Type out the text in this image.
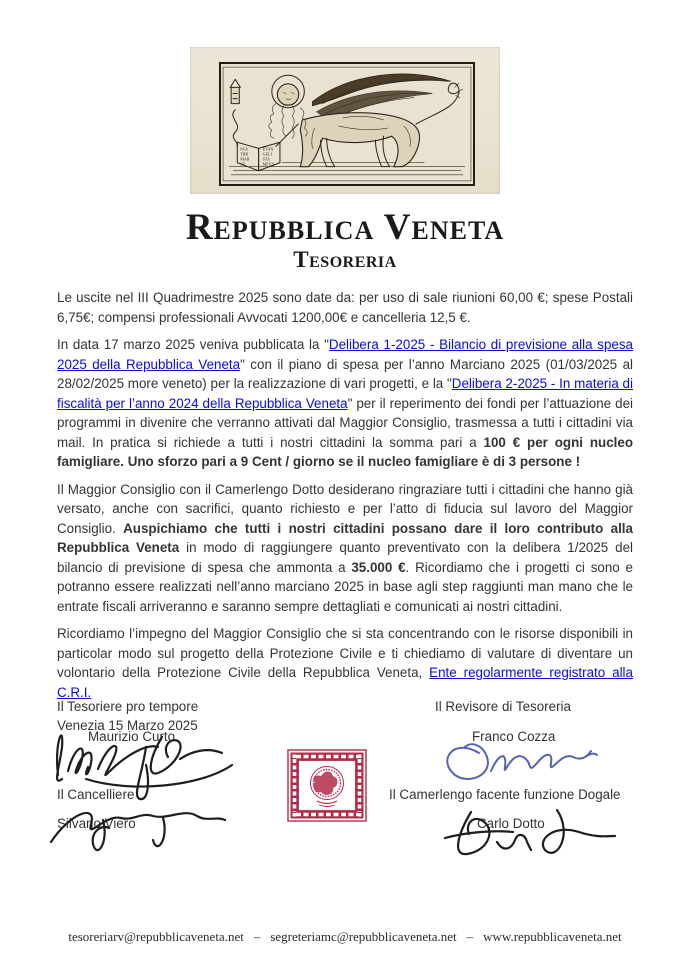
PAX
TIBI
MAR
CE
EVAN
GELI
STA
MEVS
Repubblica Veneta
Tesoreria

Le uscite nel III Quadrimestre 2025 sono date da: per uso di sale riunioni 60,00 €; spese Postali 6,75€; compensi professionali Avvocati 1200,00€ e cancelleria 12,5 €.

In data 17 marzo 2025 veniva pubblicata la "Delibera 1-2025 - Bilancio di previsione alla spesa 2025 della Repubblica Veneta" con il piano di spesa per l’anno Marciano 2025 (01/03/2025 al 28/02/2025 more veneto) per la realizzazione di vari progetti, e la "Delibera 2-2025 - In materia di fiscalità per l’anno 2024 della Repubblica Veneta" per il reperimento dei fondi per l’attuazione dei programmi in divenire che verranno attivati dal Maggior Consiglio, trasmessa a tutti i cittadini via mail. In pratica si richiede a tutti i nostri cittadini la somma pari a 100 € per ogni nucleo famigliare. Uno sforzo pari a 9 Cent / giorno se il nucleo famigliare è di 3 persone !

Il Maggior Consiglio con il Camerlengo Dotto desiderano ringraziare tutti i cittadini che hanno già versato, anche con sacrifici, quanto richiesto e per l’atto di fiducia sul lavoro del Maggior Consiglio. Auspichiamo che tutti i nostri cittadini possano dare il loro contributo alla Repubblica Veneta in modo di raggiungere quanto preventivato con la delibera 1/2025 del bilancio di previsione di spesa che ammonta a 35.000 €. Ricordiamo che i progetti ci sono e potranno essere realizzati nell’anno marciano 2025 in base agli step raggiunti man mano che le entrate fiscali arriveranno e saranno sempre dettagliati e comunicati ai nostri cittadini.

Ricordiamo l’impegno del Maggior Consiglio che si sta concentrando con le risorse disponibili in particolar modo sul progetto della Protezione Civile e ti chiediamo di valutare di diventare un volontario della Protezione Civile della Repubblica Veneta, Ente regolarmente registrato alla C.R.I.

Venezia 15 Marzo 2025

Il Tesoriere pro tempore	Il Revisore di Tesoreria
Maurizio Curto	Franco Cozza
Il Cancelliere	Il Camerlengo facente funzione Dogale
Silvano Viero	Carlo Dotto
tesoreriarv@repubblicaveneta.net – segreteriamc@repubblicaveneta.net – www.repubblicaveneta.net
